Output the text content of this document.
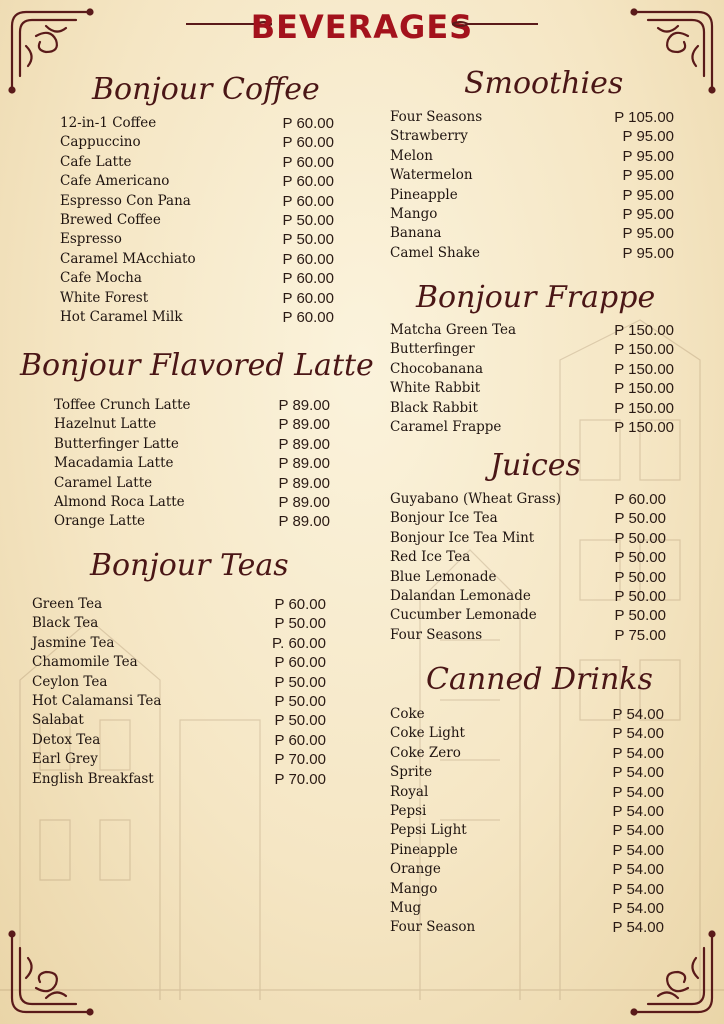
BEVERAGES
Bonjour Coffee
12-in-1 Coffee	P 60.00
Cappuccino	P 60.00
Cafe Latte	P 60.00
Cafe Americano	P 60.00
Espresso Con Pana	P 60.00
Brewed Coffee	P 50.00
Espresso	P 50.00
Caramel MAcchiato	P 60.00
Cafe Mocha	P 60.00
White Forest	P 60.00
Hot Caramel Milk	P 60.00
Bonjour Flavored Latte
Toffee Crunch Latte	P 89.00
Hazelnut Latte	P 89.00
Butterfinger Latte	P 89.00
Macadamia Latte	P 89.00
Caramel Latte	P 89.00
Almond Roca Latte	P 89.00
Orange Latte	P 89.00
Bonjour Teas
Green Tea	P 60.00
Black Tea	P 50.00
Jasmine Tea	P. 60.00
Chamomile Tea	P 60.00
Ceylon Tea	P 50.00
Hot Calamansi Tea	P 50.00
Salabat	P 50.00
Detox Tea	P 60.00
Earl Grey	P 70.00
English Breakfast	P 70.00
Smoothies
Four Seasons	P 105.00
Strawberry	P 95.00
Melon	P 95.00
Watermelon	P 95.00
Pineapple	P 95.00
Mango	P 95.00
Banana	P 95.00
Camel Shake	P 95.00
Bonjour Frappe
Matcha Green Tea	P 150.00
Butterfinger	P 150.00
Chocobanana	P 150.00
White Rabbit	P 150.00
Black Rabbit	P 150.00
Caramel Frappe	P 150.00
Juices
Guyabano (Wheat Grass)	P 60.00
Bonjour Ice Tea	P 50.00
Bonjour Ice Tea Mint	P 50.00
Red Ice Tea	P 50.00
Blue Lemonade	P 50.00
Dalandan Lemonade	P 50.00
Cucumber Lemonade	P 50.00
Four Seasons	P 75.00
Canned Drinks
Coke	P 54.00
Coke Light	P 54.00
Coke Zero	P 54.00
Sprite	P 54.00
Royal	P 54.00
Pepsi	P 54.00
Pepsi Light	P 54.00
Pineapple	P 54.00
Orange	P 54.00
Mango	P 54.00
Mug	P 54.00
Four Season	P 54.00
